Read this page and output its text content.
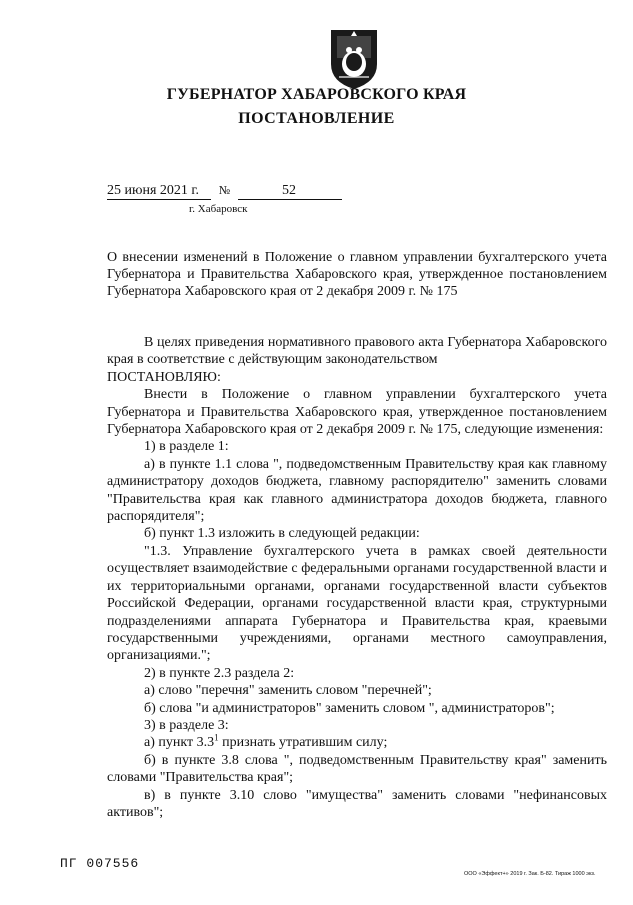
ГУБЕРНАТОР ХАБАРОВСКОГО КРАЯ
ПОСТАНОВЛЕНИЕ
25 июня 2021 г. №	52
г. Хабаровск
О внесении изменений в Положение о главном управлении бухгалтерского учета Губернатора и Правительства Хабаровского края, утвержденное постановлением Губернатора Хабаровского края от 2 декабря 2009 г. № 175

В целях приведения нормативного правового акта Губернатора Хабаровского края в соответствие с действующим законодательством

ПОСТАНОВЛЯЮ:

Внести в Положение о главном управлении бухгалтерского учета Губернатора и Правительства Хабаровского края, утвержденное постановлением Губернатора Хабаровского края от 2 декабря 2009 г. № 175, следующие изменения:

1) в разделе 1:

а) в пункте 1.1 слова ", подведомственным Правительству края как главному администратору доходов бюджета, главному распорядителю" заменить словами "Правительства края как главного администратора доходов бюджета, главного распорядителя";

б) пункт 1.3 изложить в следующей редакции:

"1.3. Управление бухгалтерского учета в рамках своей деятельности осуществляет взаимодействие с федеральными органами государственной власти и их территориальными органами, органами государственной власти субъектов Российской Федерации, органами государственной власти края, структурными подразделениями аппарата Губернатора и Правительства края, краевыми государственными учреждениями, органами местного самоуправления, организациями.";

2) в пункте 2.3 раздела 2:

а) слово "перечня" заменить словом "перечней";

б) слова "и администраторов" заменить словом ", администраторов";

3) в разделе 3:

а) пункт $3.3^1$ признать утратившим силу;

б) в пункте 3.8 слова ", подведомственным Правительству края" заменить словами "Правительства края";

в) в пункте 3.10 слово "имущества" заменить словами "нефинансовых активов";

ПГ 007556
ООО «Эффект+» 2019 г. Зак. Б-82. Тираж 1000 экз.
